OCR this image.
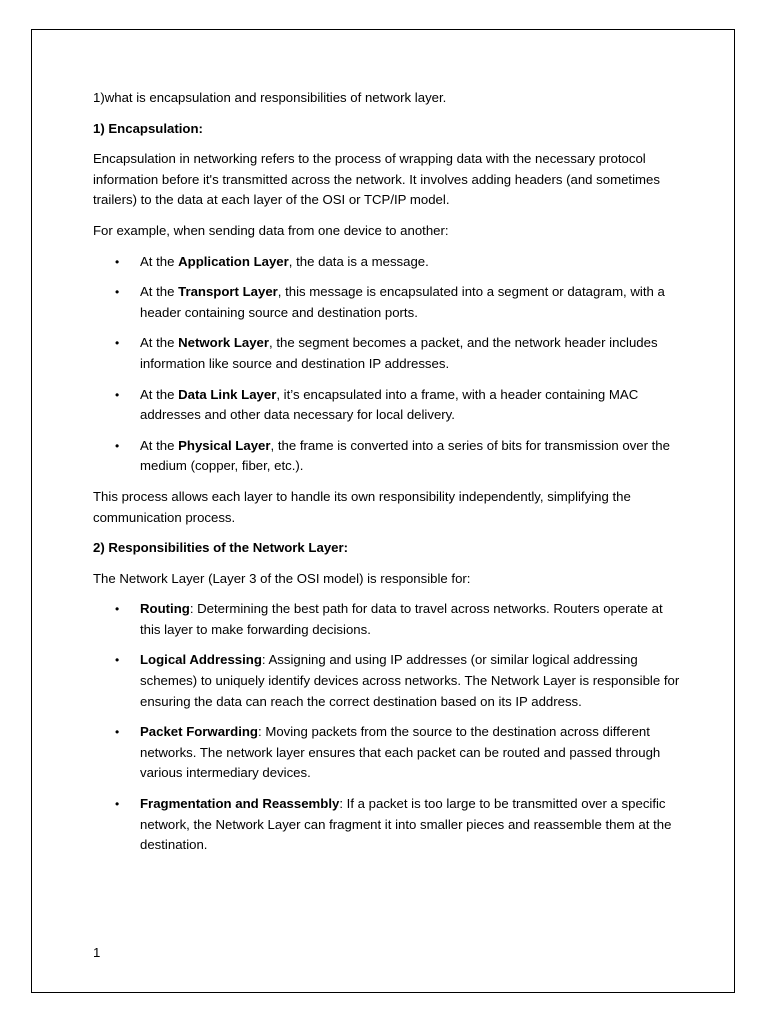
1)what is encapsulation and responsibilities of network layer.

1) Encapsulation:

Encapsulation in networking refers to the process of wrapping data with the necessary protocol information before it's transmitted across the network. It involves adding headers (and sometimes trailers) to the data at each layer of the OSI or TCP/IP model.

For example, when sending data from one device to another:

• At the Application Layer, the data is a message.
• At the Transport Layer, this message is encapsulated into a segment or datagram, with a header containing source and destination ports.
• At the Network Layer, the segment becomes a packet, and the network header includes information like source and destination IP addresses.
• At the Data Link Layer, it’s encapsulated into a frame, with a header containing MAC addresses and other data necessary for local delivery.
• At the Physical Layer, the frame is converted into a series of bits for transmission over the medium (copper, fiber, etc.).

This process allows each layer to handle its own responsibility independently, simplifying the communication process.

2) Responsibilities of the Network Layer:

The Network Layer (Layer 3 of the OSI model) is responsible for:

• Routing: Determining the best path for data to travel across networks. Routers operate at this layer to make forwarding decisions.
• Logical Addressing: Assigning and using IP addresses (or similar logical addressing schemes) to uniquely identify devices across networks. The Network Layer is responsible for ensuring the data can reach the correct destination based on its IP address.
• Packet Forwarding: Moving packets from the source to the destination across different networks. The network layer ensures that each packet can be routed and passed through various intermediary devices.
• Fragmentation and Reassembly: If a packet is too large to be transmitted over a specific network, the Network Layer can fragment it into smaller pieces and reassemble them at the destination.
1
